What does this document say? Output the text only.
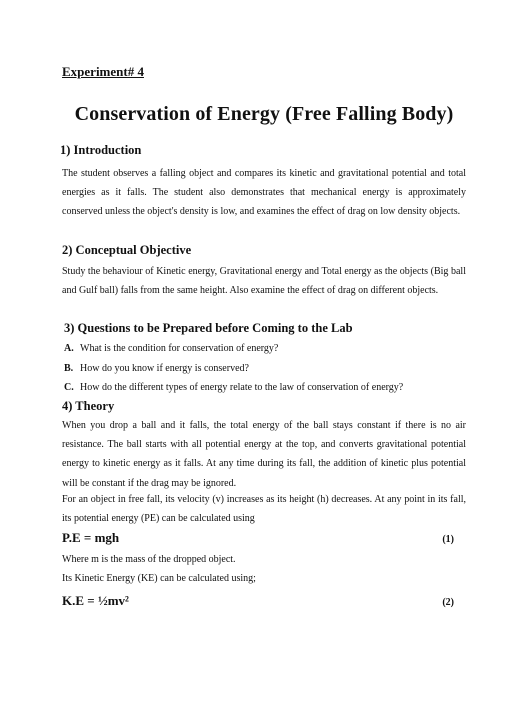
Experiment# 4
Conservation of Energy (Free Falling Body)
1) Introduction

The student observes a falling object and compares its kinetic and gravitational potential and total energies as it falls. The student also demonstrates that mechanical energy is approximately conserved unless the object's density is low, and examines the effect of drag on low density objects.

2) Conceptual Objective

Study the behaviour of Kinetic energy, Gravitational energy and Total energy as the objects (Big ball and Gulf ball) falls from the same height. Also examine the effect of drag on different objects.

3) Questions to be Prepared before Coming to the Lab
A. What is the condition for conservation of energy?
B. How do you know if energy is conserved?
C. How do the different types of energy relate to the law of conservation of energy?
4) Theory

When you drop a ball and it falls, the total energy of the ball stays constant if there is no air resistance. The ball starts with all potential energy at the top, and converts gravitational potential energy to kinetic energy as it falls. At any time during its fall, the addition of kinetic plus potential will be constant if the drag may be ignored.

For an object in free fall, its velocity (v) increases as its height (h) decreases. At any point in its fall, its potential energy (PE) can be calculated using

P.E = mgh	(1)
Where m is the mass of the dropped object.
Its Kinetic Energy (KE) can be calculated using;
K.E = ½mv²	(2)
